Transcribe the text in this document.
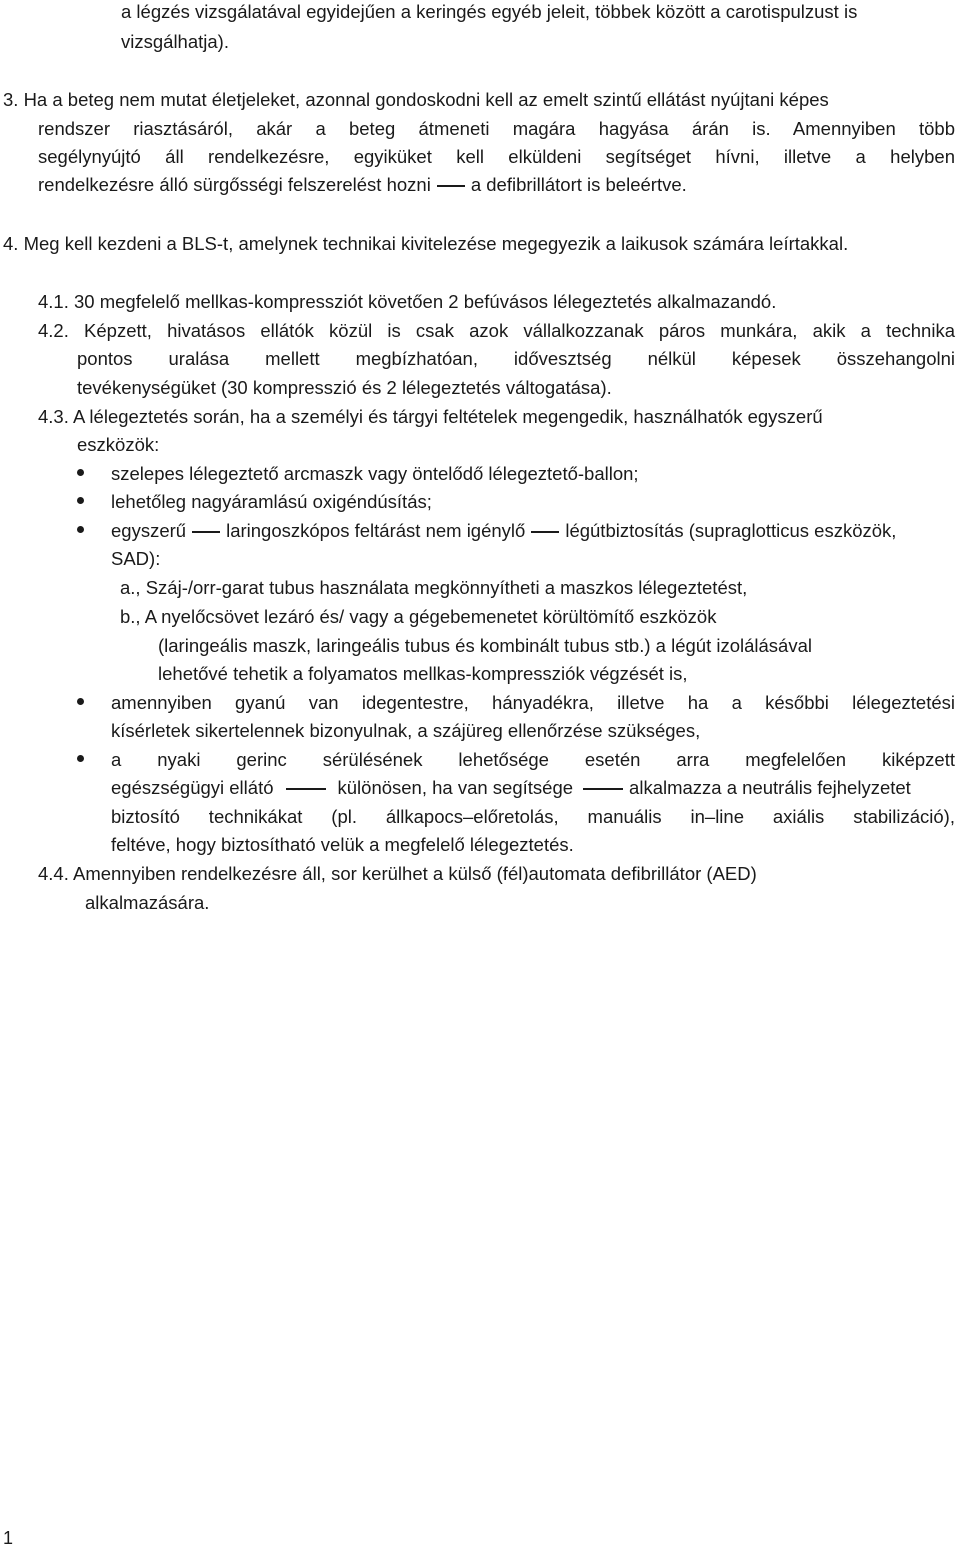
a légzés vizsgálatával egyidejűen a keringés egyéb jeleit, többek között a carotispulzust is
vizsgálhatja).
3. Ha a beteg nem mutat életjeleket, azonnal gondoskodni kell az emelt szintű ellátást nyújtani képes
rendszer riasztásáról, akár a beteg átmeneti magára hagyása árán is. Amennyiben több
segélynyújtó áll rendelkezésre, egyiküket kell elküldeni segítséget hívni, illetve a helyben
rendelkezésre álló sürgősségi felszerelést hozni a defibrillátort is beleértve.
4. Meg kell kezdeni a BLS-t, amelynek technikai kivitelezése megegyezik a laikusok számára leírtakkal.
4.1. 30 megfelelő mellkas-kompressziót követően 2 befúvásos lélegeztetés alkalmazandó.
4.2. Képzett, hivatásos ellátók közül is csak azok vállalkozzanak páros munkára, akik a technika
pontos uralása mellett megbízhatóan, idővesztség nélkül képesek összehangolni
tevékenységüket (30 kompresszió és 2 lélegeztetés váltogatása).
4.3. A lélegeztetés során, ha a személyi és tárgyi feltételek megengedik, használhatók egyszerű
eszközök:
szelepes lélegeztető arcmaszk vagy öntelődő lélegeztető-ballon;
lehetőleg nagyáramlású oxigéndúsítás;
egyszerű laringoszkópos feltárást nem igénylő légútbiztosítás (supraglotticus eszközök,
SAD):
a., Száj-/orr-garat tubus használata megkönnyítheti a maszkos lélegeztetést,
b., A nyelőcsövet lezáró és/ vagy a gégebemenetet körültömítő eszközök
(laringeális maszk, laringeális tubus és kombinált tubus stb.) a légút izolálásával
lehetővé tehetik a folyamatos mellkas-kompressziók végzését is,
amennyiben gyanú van idegentestre, hányadékra, illetve ha a későbbi lélegeztetési
kísérletek sikertelennek bizonyulnak, a szájüreg ellenőrzése szükséges,
a nyaki gerinc sérülésének lehetősége esetén arra megfelelően kiképzett
egészségügyi ellátó	különösen, ha van segítsége	alkalmazza a neutrális fejhelyzetet
biztosító technikákat (pl. állkapocs–előretolás, manuális in–line axiális stabilizáció),
feltéve, hogy biztosítható velük a megfelelő lélegeztetés.
4.4. Amennyiben rendelkezésre áll, sor kerülhet a külső (fél)automata defibrillátor (AED)
alkalmazására.
1
